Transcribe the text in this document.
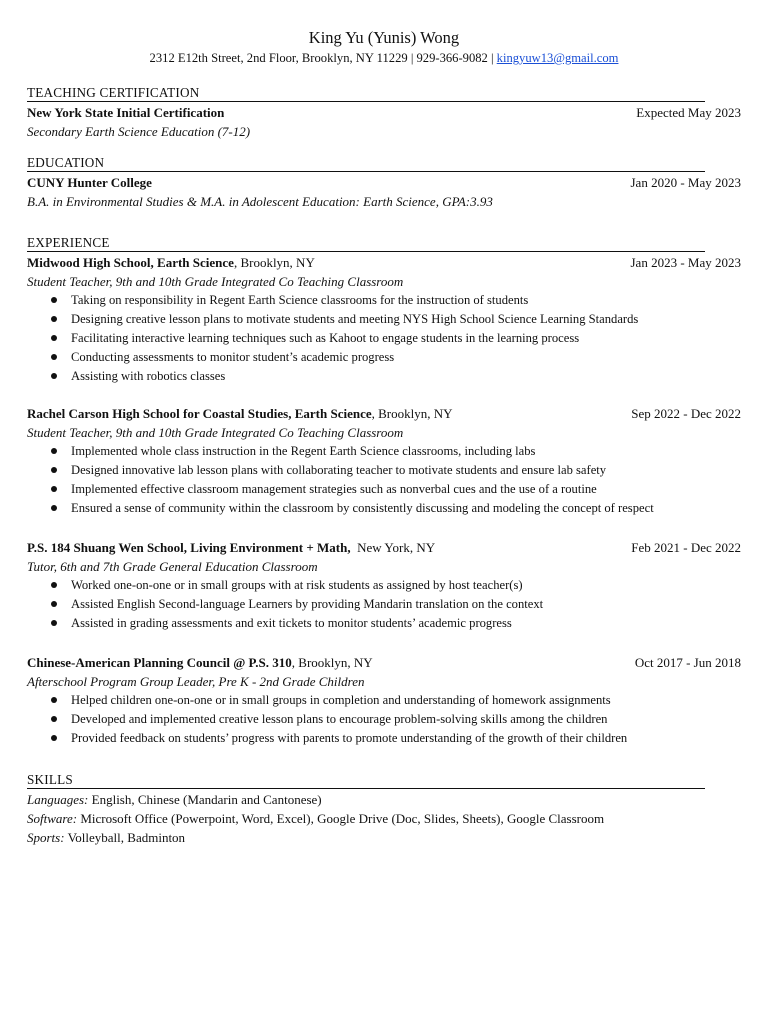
King Yu (Yunis) Wong
2312 E12th Street, 2nd Floor, Brooklyn, NY 11229 | 929-366-9082 | kingyuw13@gmail.com
TEACHING CERTIFICATION
New York State Initial Certification	Expected May 2023
Secondary Earth Science Education (7-12)
EDUCATION
CUNY Hunter College	Jan 2020 - May 2023
B.A. in Environmental Studies & M.A. in Adolescent Education: Earth Science, GPA:3.93
EXPERIENCE
Midwood High School, Earth Science, Brooklyn, NY	Jan 2023 - May 2023
Student Teacher, 9th and 10th Grade Integrated Co Teaching Classroom
Taking on responsibility in Regent Earth Science classrooms for the instruction of students
Designing creative lesson plans to motivate students and meeting NYS High School Science Learning Standards
Facilitating interactive learning techniques such as Kahoot to engage students in the learning process
Conducting assessments to monitor student’s academic progress
Assisting with robotics classes
Rachel Carson High School for Coastal Studies, Earth Science, Brooklyn, NY	Sep 2022 - Dec 2022
Student Teacher, 9th and 10th Grade Integrated Co Teaching Classroom
Implemented whole class instruction in the Regent Earth Science classrooms, including labs
Designed innovative lab lesson plans with collaborating teacher to motivate students and ensure lab safety
Implemented effective classroom management strategies such as nonverbal cues and the use of a routine
Ensured a sense of community within the classroom by consistently discussing and modeling the concept of respect
P.S. 184 Shuang Wen School, Living Environment + Math,  New York, NY	Feb 2021 - Dec 2022
Tutor, 6th and 7th Grade General Education Classroom
Worked one-on-one or in small groups with at risk students as assigned by host teacher(s)
Assisted English Second-language Learners by providing Mandarin translation on the context
Assisted in grading assessments and exit tickets to monitor students’ academic progress
Chinese-American Planning Council @ P.S. 310, Brooklyn, NY	Oct 2017 - Jun 2018
Afterschool Program Group Leader, Pre K - 2nd Grade Children
Helped children one-on-one or in small groups in completion and understanding of homework assignments
Developed and implemented creative lesson plans to encourage problem-solving skills among the children
Provided feedback on students’ progress with parents to promote understanding of the growth of their children
SKILLS
Languages: English, Chinese (Mandarin and Cantonese)
Software: Microsoft Office (Powerpoint, Word, Excel), Google Drive (Doc, Slides, Sheets), Google Classroom
Sports: Volleyball, Badminton
